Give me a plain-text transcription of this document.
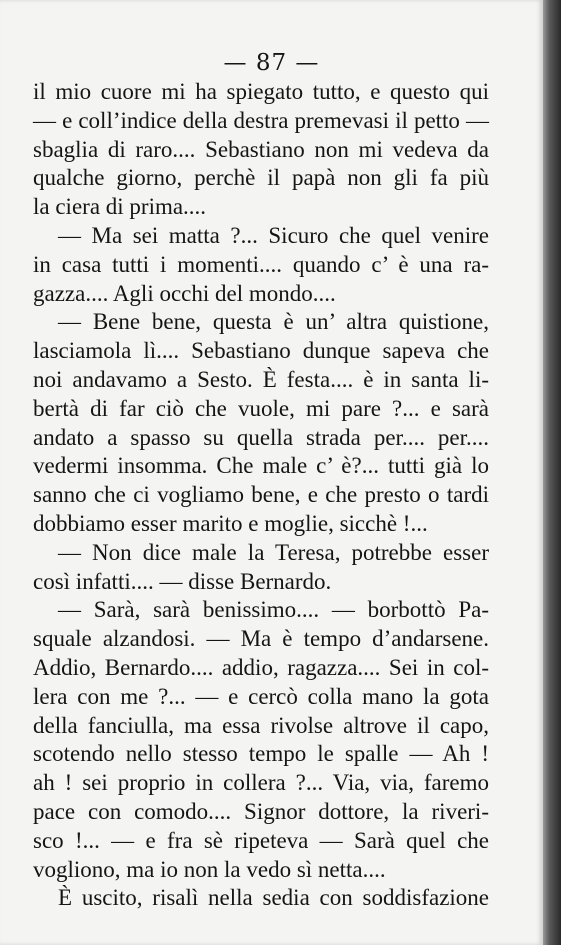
— 87 —
il mio cuore mi ha spiegato tutto, e questo qui
— e coll’indice della destra premevasi il petto —
sbaglia di raro.... Sebastiano non mi vedeva da
qualche giorno, perchè il papà non gli fa più
la ciera di prima....
— Ma sei matta ?... Sicuro che quel venire
in casa tutti i momenti.... quando c’ è una ra-
gazza.... Agli occhi del mondo....
— Bene bene, questa è un’ altra quistione,
lasciamola lì.... Sebastiano dunque sapeva che
noi andavamo a Sesto. È festa.... è in santa li-
bertà di far ciò che vuole, mi pare ?... e sarà
andato a spasso su quella strada per.... per....
vedermi insomma. Che male c’ è?... tutti già lo
sanno che ci vogliamo bene, e che presto o tardi
dobbiamo esser marito e moglie, sicchè !...
— Non dice male la Teresa, potrebbe esser
così infatti.... — disse Bernardo.
— Sarà, sarà benissimo.... — borbottò Pa-
squale alzandosi. — Ma è tempo d’andarsene.
Addio, Bernardo.... addio, ragazza.... Sei in col-
lera con me ?... — e cercò colla mano la gota
della fanciulla, ma essa rivolse altrove il capo,
scotendo nello stesso tempo le spalle — Ah !
ah ! sei proprio in collera ?... Via, via, faremo
pace con comodo.... Signor dottore, la riveri-
sco !... — e fra sè ripeteva — Sarà quel che
vogliono, ma io non la vedo sì netta....
È uscito, risalì nella sedia con soddisfazione
